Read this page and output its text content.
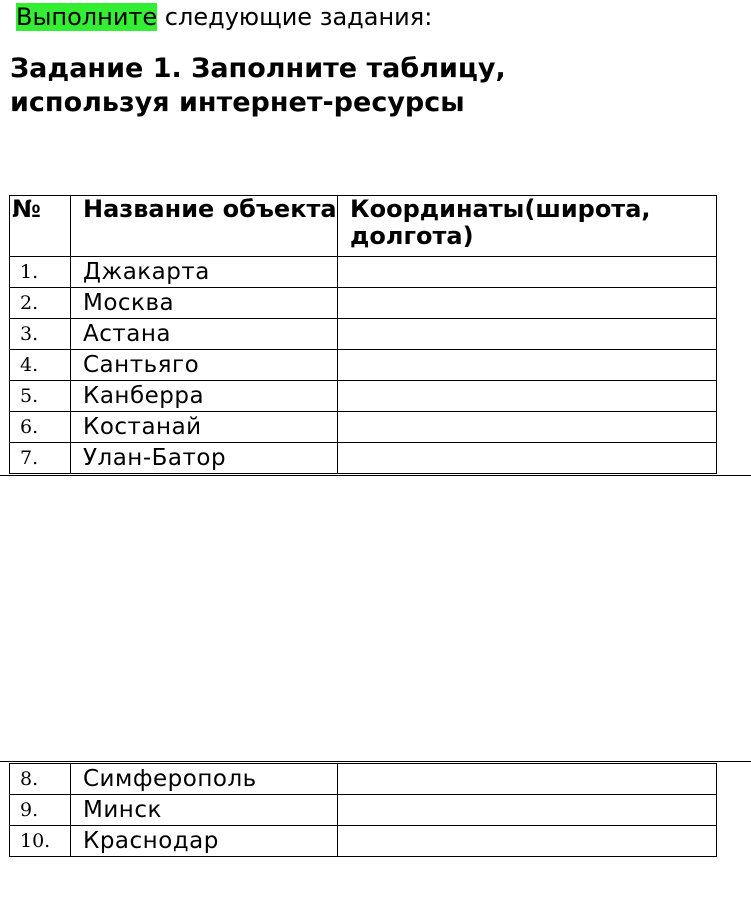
Выполните следующие задания:
Задание 1. Заполните таблицу, используя интернет-ресурсы
№	Название объекта	Координаты(широта, долгота)
1.	Джакарта	
2.	Москва	
3.	Астана	
4.	Сантьяго	
5.	Канберра	
6.	Костанай	
7.	Улан-Батор	
8.	Симферополь	
9.	Минск	
10.	Краснодар	
